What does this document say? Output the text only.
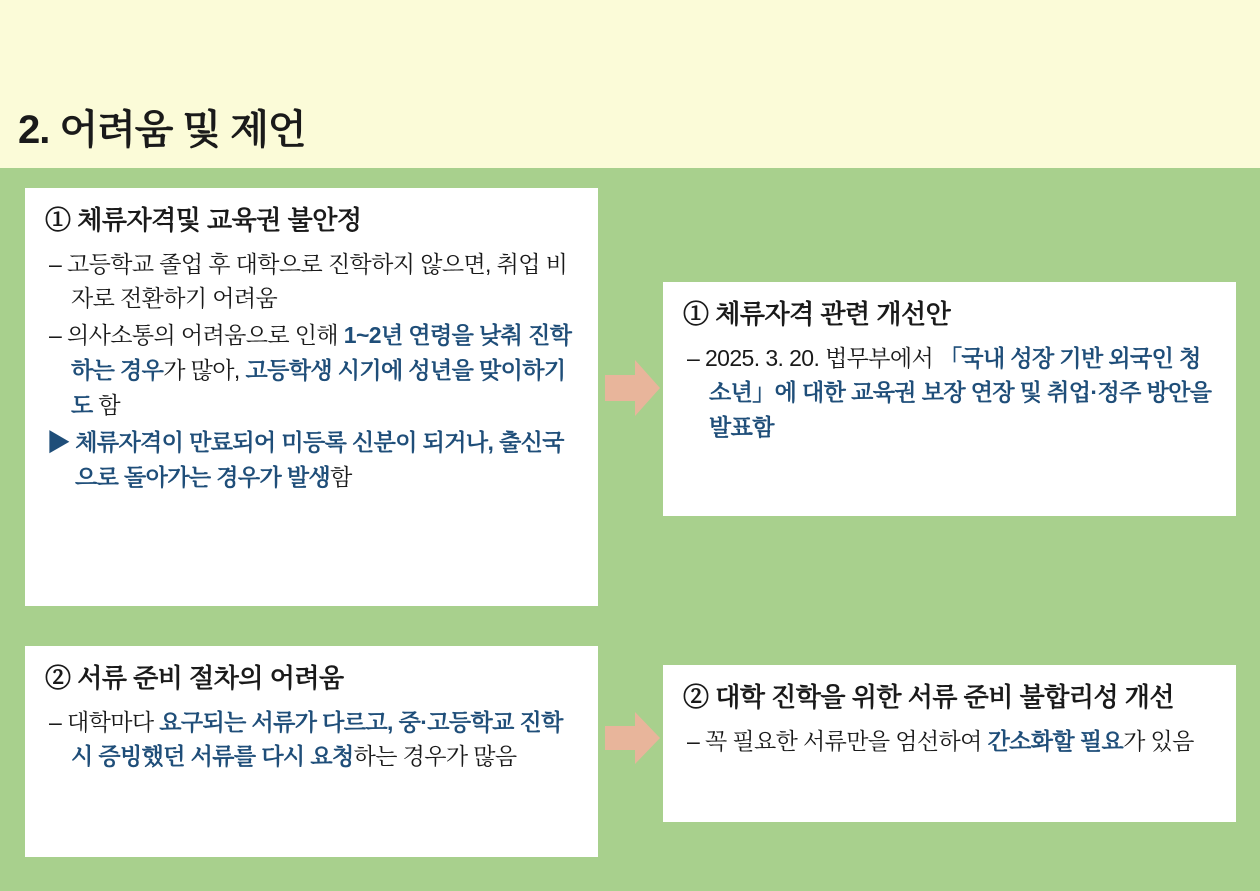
2. 어려움 및 제언
① 체류자격및 교육권 불안정
– 고등학교 졸업 후 대학으로 진학하지 않으면, 취업 비자로 전환하기 어려움
– 의사소통의 어려움으로 인해 1~2년 연령을 낮춰 진학하는 경우가 많아, 고등학생 시기에 성년을 맞이하기도 함
▶ 체류자격이 만료되어 미등록 신분이 되거나, 출신국으로 돌아가는 경우가 발생함
① 체류자격 관련 개선안
– 2025. 3. 20. 법무부에서 「국내 성장 기반 외국인 청소년」에 대한 교육권 보장 연장 및 취업·정주 방안을 발표함
② 서류 준비 절차의 어려움
– 대학마다 요구되는 서류가 다르고, 중·고등학교 진학시 증빙했던 서류를 다시 요청하는 경우가 많음
② 대학 진학을 위한 서류 준비 불합리성 개선
– 꼭 필요한 서류만을 엄선하여 간소화할 필요가 있음
